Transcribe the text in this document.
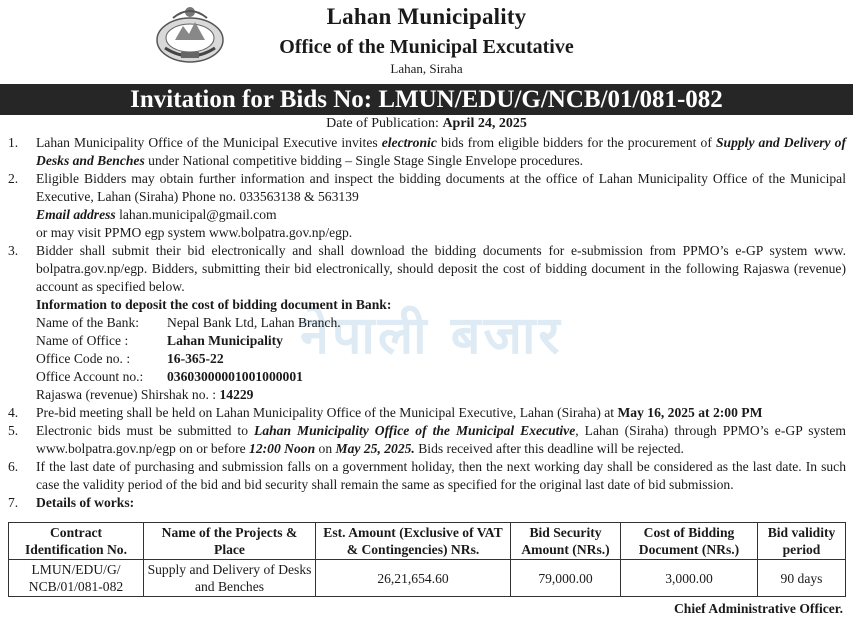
Lahan Municipality
Office of the Municipal Excutative
Lahan, Siraha
Invitation for Bids No: LMUN/EDU/G/NCB/01/081-082
Date of Publication: April 24, 2025
नेपाली बजार
1.	Lahan Municipality Office of the Municipal Executive invites electronic bids from eligible bidders for the procurement of Supply and Delivery of Desks and Benches under National competitive bidding – Single Stage Single Envelope procedures.
2.	Eligible Bidders may obtain further information and inspect the bidding documents at the office of Lahan Municipality Office of the Municipal Executive, Lahan (Siraha) Phone no. 033563138 & 563139
Email address lahan.municipal@gmail.com
or may visit PPMO egp system www.bolpatra.gov.np/egp.
3.	Bidder shall submit their bid electronically and shall download the bidding documents for e-submission from PPMO’s e-GP system www. bolpatra.gov.np/egp. Bidders, submitting their bid electronically, should deposit the cost of bidding document in the following Rajaswa (revenue) account as specified below.
Information to deposit the cost of bidding document in Bank:
Name of the Bank:	Nepal Bank Ltd, Lahan Branch.
Name of Office :	Lahan Municipality
Office Code no. :	16-365-22
Office Account no.:	03603000001001000001
Rajaswa (revenue) Shirshak no. : 14229
4.	Pre-bid meeting shall be held on Lahan Municipality Office of the Municipal Executive, Lahan (Siraha) at May 16, 2025 at 2:00 PM
5.	Electronic bids must be submitted to Lahan Municipality Office of the Municipal Executive, Lahan (Siraha) through PPMO’s e-GP system www.bolpatra.gov.np/egp on or before 12:00 Noon on May 25, 2025. Bids received after this deadline will be rejected.
6.	If the last date of purchasing and submission falls on a government holiday, then the next working day shall be considered as the last date. In such case the validity period of the bid and bid security shall remain the same as specified for the original last date of bid submission.
7.	Details of works:
Contract Identification No.	Name of the Projects & Place	Est. Amount (Exclusive of VAT & Contingencies) NRs.	Bid Security Amount (NRs.)	Cost of Bidding Document (NRs.)	Bid validity period
LMUN/EDU/G/ NCB/01/081-082	Supply and Delivery of Desks and Benches	26,21,654.60	79,000.00	3,000.00	90 days
Chief Administrative Officer.
